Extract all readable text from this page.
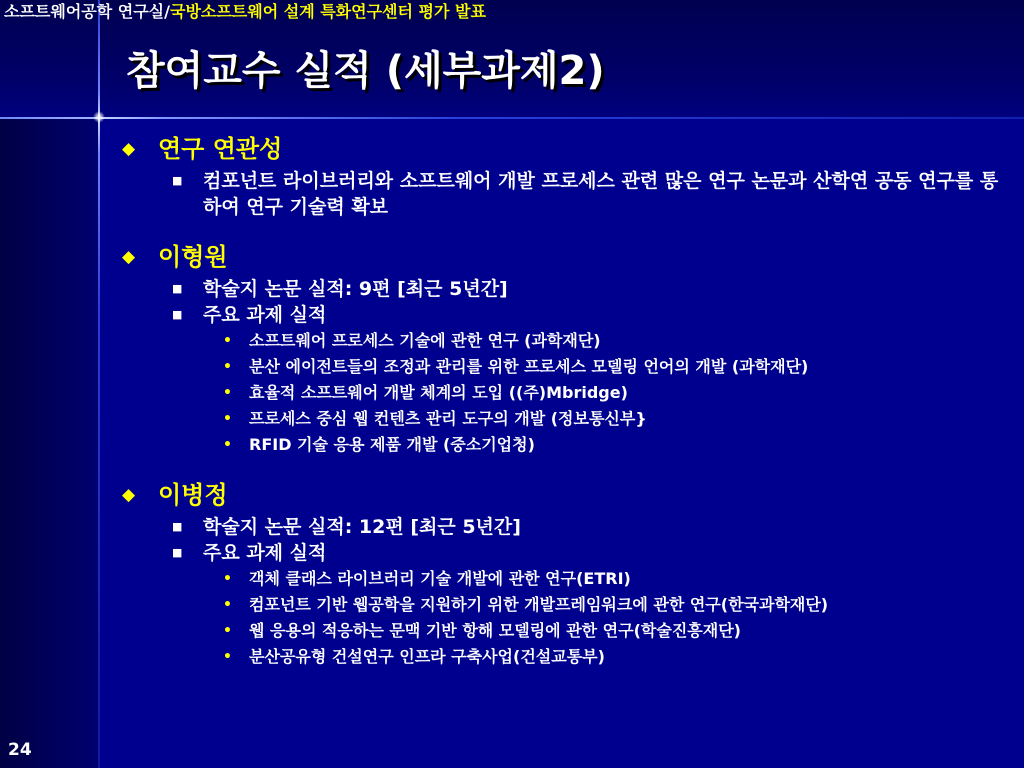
소프트웨어공학 연구실/국방소프트웨어 설계 특화연구센터 평가 발표
참여교수 실적 (세부과제2)
◆ 연구 연관성
■ 컴포넌트 라이브러리와 소프트웨어 개발 프로세스 관련 많은 연구 논문과 산학연 공동 연구를 통하여 연구 기술력 확보
◆ 이형원
■ 학술지 논문 실적: 9편 [최근 5년간]
■ 주요 과제 실적
• 소프트웨어 프로세스 기술에 관한 연구 (과학재단)
• 분산 에이전트들의 조정과 관리를 위한 프로세스 모델링 언어의 개발 (과학재단)
• 효율적 소프트웨어 개발 체계의 도입 ((주)Mbridge)
• 프로세스 중심 웹 컨텐츠 관리 도구의 개발 (정보통신부}
• RFID 기술 응용 제품 개발 (중소기업청)
◆ 이병정
■ 학술지 논문 실적: 12편 [최근 5년간]
■ 주요 과제 실적
• 객체 클래스 라이브러리 기술 개발에 관한 연구(ETRI)
• 컴포넌트 기반 웹공학을 지원하기 위한 개발프레임워크에 관한 연구(한국과학재단)
• 웹 응용의 적응하는 문맥 기반 항해 모델링에 관한 연구(학술진흥재단)
• 분산공유형 건설연구 인프라 구축사업(건설교통부)
24
